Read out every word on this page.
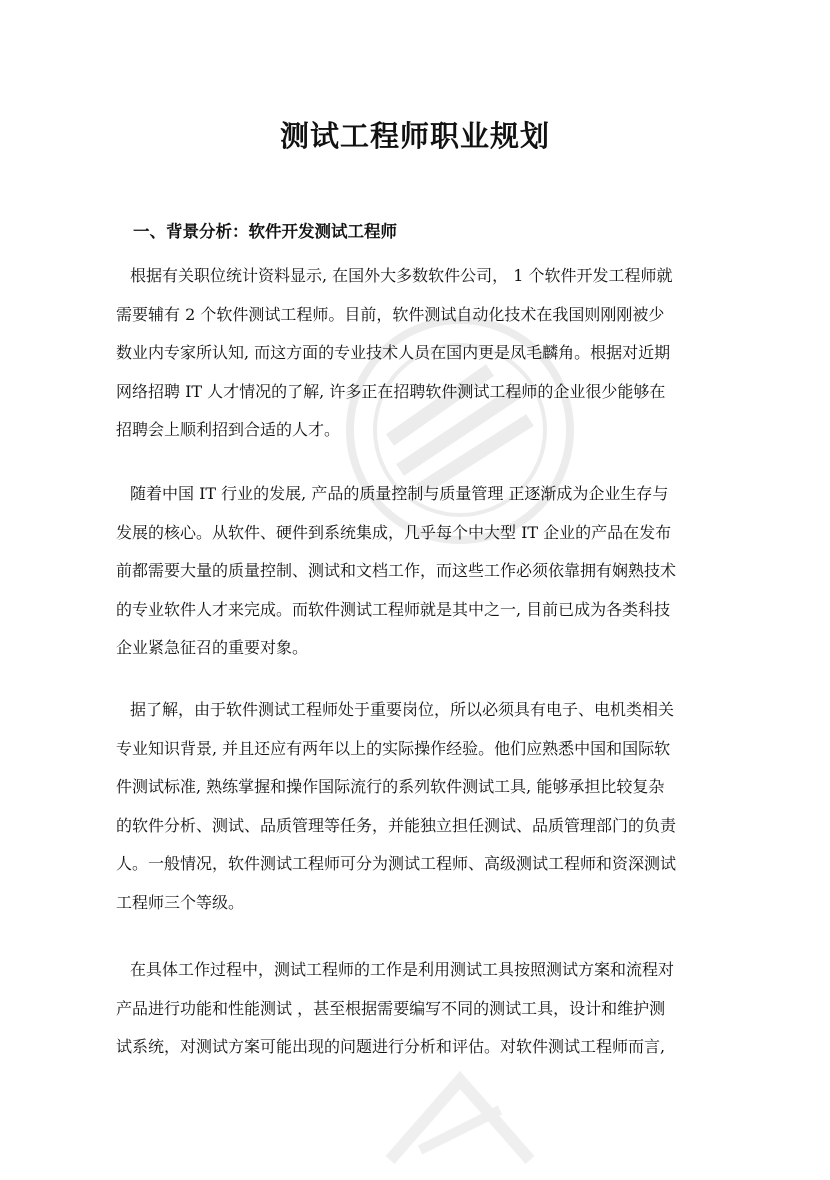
测试工程师职业规划
一、背景分析：软件开发测试工程师

根据有关职位统计资料显示, 在国外大多数软件公司， 1 个软件开发工程师就
需要辅有 2 个软件测试工程师。目前，软件测试自动化技术在我国则刚刚被少
数业内专家所认知, 而这方面的专业技术人员在国内更是凤毛麟角。根据对近期
网络招聘 IT 人才情况的了解, 许多正在招聘软件测试工程师的企业很少能够在
招聘会上顺利招到合适的人才。

随着中国 IT 行业的发展, 产品的质量控制与质量管理 正逐渐成为企业生存与
发展的核心。从软件、硬件到系统集成，几乎每个中大型 IT 企业的产品在发布
前都需要大量的质量控制、测试和文档工作，而这些工作必须依靠拥有娴熟技术
的专业软件人才来完成。而软件测试工程师就是其中之一, 目前已成为各类科技
企业紧急征召的重要对象。

据了解，由于软件测试工程师处于重要岗位，所以必须具有电子、电机类相关
专业知识背景, 并且还应有两年以上的实际操作经验。他们应熟悉中国和国际软
件测试标准, 熟练掌握和操作国际流行的系列软件测试工具, 能够承担比较复杂
的软件分析、测试、品质管理等任务，并能独立担任测试、品质管理部门的负责
人。一般情况，软件测试工程师可分为测试工程师、高级测试工程师和资深测试
工程师三个等级。

在具体工作过程中，测试工程师的工作是利用测试工具按照测试方案和流程对
产品进行功能和性能测试 ，甚至根据需要编写不同的测试工具，设计和维护测
试系统，对测试方案可能出现的问题进行分析和评估。对软件测试工程师而言,
